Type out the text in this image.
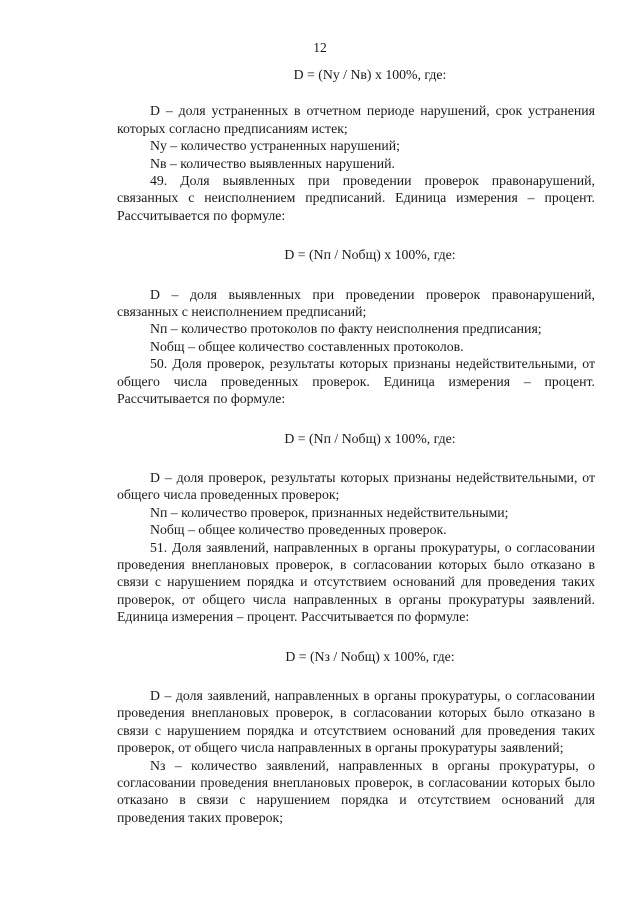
12

D = (Nу / Nв) х 100%, где:

D – доля устраненных в отчетном периоде нарушений, срок устранения которых согласно предписаниям истек;

Nу – количество устраненных нарушений;

Nв – количество выявленных нарушений.

49. Доля выявленных при проведении проверок правонарушений, связанных с неисполнением предписаний. Единица измерения – процент. Рассчитывается по формуле:

D = (Nп / Nобщ) х 100%, где:

D – доля выявленных при проведении проверок правонарушений, связанных с неисполнением предписаний;

Nп – количество протоколов по факту неисполнения предписания;

Nобщ – общее количество составленных протоколов.

50. Доля проверок, результаты которых признаны недействительными, от общего числа проведенных проверок. Единица измерения – процент. Рассчитывается по формуле:

D = (Nп / Nобщ) х 100%, где:

D – доля проверок, результаты которых признаны недействительными, от общего числа проведенных проверок;

Nп – количество проверок, признанных недействительными;

Nобщ – общее количество проведенных проверок.

51. Доля заявлений, направленных в органы прокуратуры, о согласовании проведения внеплановых проверок, в согласовании которых было отказано в связи с нарушением порядка и отсутствием оснований для проведения таких проверок, от общего числа направленных в органы прокуратуры заявлений. Единица измерения – процент. Рассчитывается по формуле:

D = (Nз / Nобщ) х 100%, где:

D – доля заявлений, направленных в органы прокуратуры, о согласовании проведения внеплановых проверок, в согласовании которых было отказано в связи с нарушением порядка и отсутствием оснований для проведения таких проверок, от общего числа направленных в органы прокуратуры заявлений;

Nз – количество заявлений, направленных в органы прокуратуры, о согласовании проведения внеплановых проверок, в согласовании которых было отказано в связи с нарушением порядка и отсутствием оснований для проведения таких проверок;
